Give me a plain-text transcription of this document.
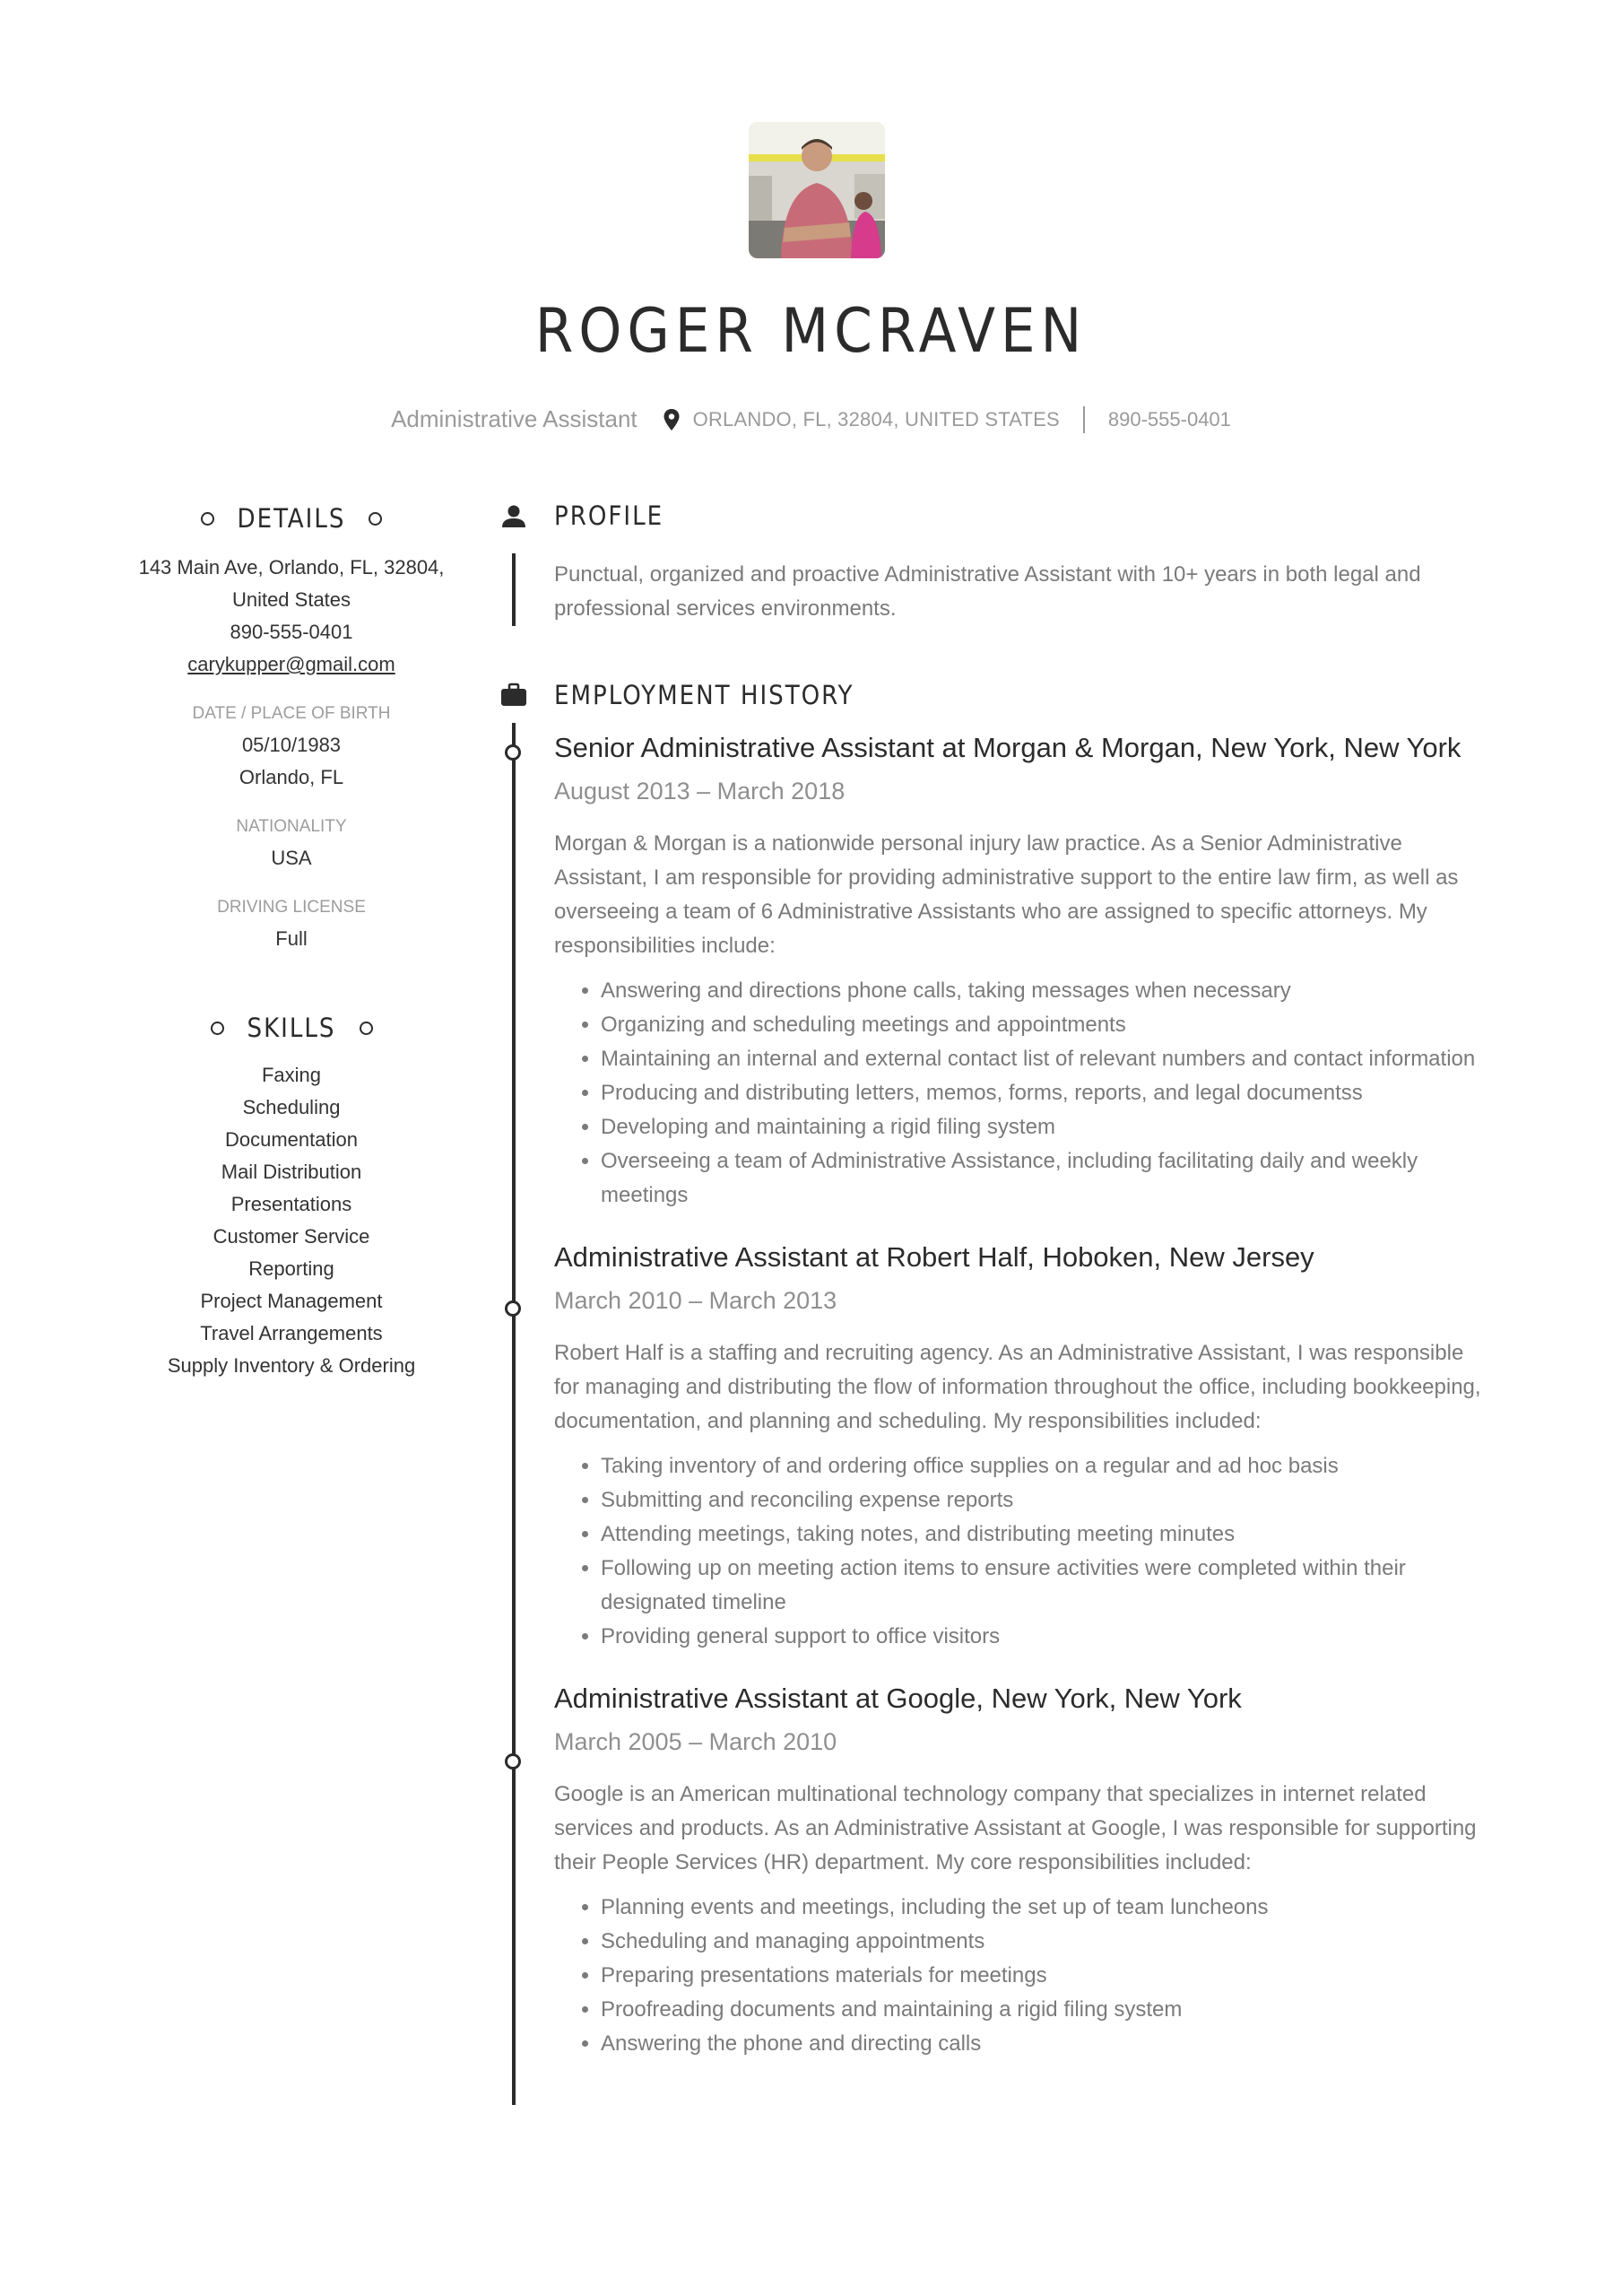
ROGER MCRAVEN
Administrative Assistant	ORLANDO, FL, 32804, UNITED STATES 890-555-0401
DETAILS
143 Main Ave, Orlando, FL, 32804,
United States
890-555-0401
carykupper@gmail.com
DATE / PLACE OF BIRTH
05/10/1983
Orlando, FL
NATIONALITY
USA
DRIVING LICENSE
Full
SKILLS
Faxing
Scheduling
Documentation
Mail Distribution
Presentations
Customer Service
Reporting
Project Management
Travel Arrangements
Supply Inventory & Ordering
PROFILE
Punctual, organized and proactive Administrative Assistant with 10+ years in both legal and professional services environments.
EMPLOYMENT HISTORY
Senior Administrative Assistant at Morgan & Morgan, New York, New York
August 2013 – March 2018
Morgan & Morgan is a nationwide personal injury law practice. As a Senior Administrative Assistant, I am responsible for providing administrative support to the entire law firm, as well as overseeing a team of 6 Administrative Assistants who are assigned to specific attorneys. My responsibilities include:
• Answering and directions phone calls, taking messages when necessary
• Organizing and scheduling meetings and appointments
• Maintaining an internal and external contact list of relevant numbers and contact information
• Producing and distributing letters, memos, forms, reports, and legal documentss
• Developing and maintaining a rigid filing system
• Overseeing a team of Administrative Assistance, including facilitating daily and weekly meetings
Administrative Assistant at Robert Half, Hoboken, New Jersey
March 2010 – March 2013
Robert Half is a staffing and recruiting agency. As an Administrative Assistant, I was responsible for managing and distributing the flow of information throughout the office, including bookkeeping, documentation, and planning and scheduling. My responsibilities included:
• Taking inventory of and ordering office supplies on a regular and ad hoc basis
• Submitting and reconciling expense reports
• Attending meetings, taking notes, and distributing meeting minutes
• Following up on meeting action items to ensure activities were completed within their designated timeline
• Providing general support to office visitors
Administrative Assistant at Google, New York, New York
March 2005 – March 2010
Google is an American multinational technology company that specializes in internet related services and products. As an Administrative Assistant at Google, I was responsible for supporting their People Services (HR) department. My core responsibilities included:
• Planning events and meetings, including the set up of team luncheons
• Scheduling and managing appointments
• Preparing presentations materials for meetings
• Proofreading documents and maintaining a rigid filing system
• Answering the phone and directing calls
